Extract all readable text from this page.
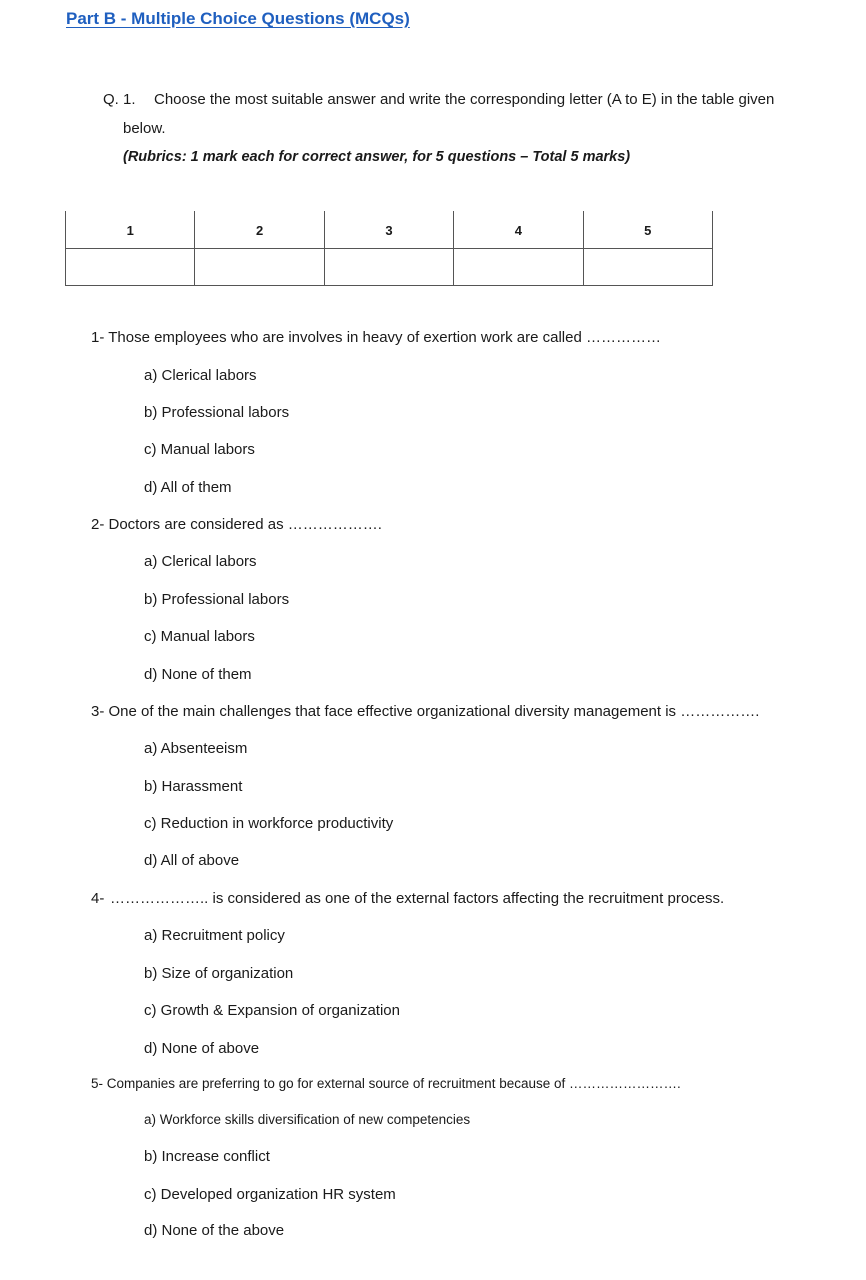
Part B - Multiple Choice Questions (MCQs)
Q. 1. Choose the most suitable answer and write the corresponding letter (A to E) in the table given
below.
(Rubrics: 1 mark each for correct answer, for 5 questions – Total 5 marks)
1	2	3	4	5

1- Those employees who are involves in heavy of exertion work are called ……………
a) Clerical labors
b) Professional labors
c) Manual labors
d) All of them
2- Doctors are considered as ……………….
a) Clerical labors
b) Professional labors
c) Manual labors
d) None of them
3- One of the main challenges that face effective organizational diversity management is …………….
a) Absenteeism
b) Harassment
c) Reduction in workforce productivity
d) All of above
4- ……………….. is considered as one of the external factors affecting the recruitment process.
a) Recruitment policy
b) Size of organization
c) Growth & Expansion of organization
d) None of above
5- Companies are preferring to go for external source of recruitment because of …………………….
a) Workforce skills diversification of new competencies
b) Increase conflict
c) Developed organization HR system
d) None of the above
